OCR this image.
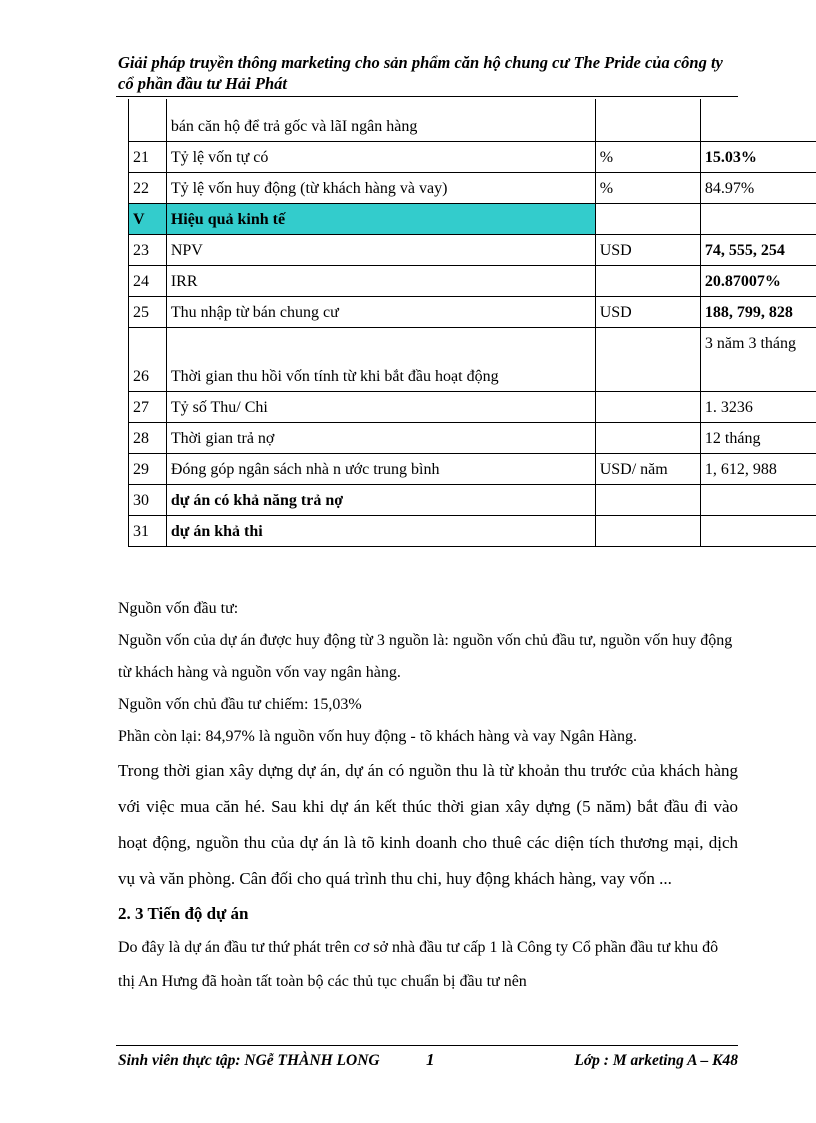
Giải pháp truyền thông marketing cho sản phẩm căn hộ chung cư The Pride của công ty cổ phần đầu tư Hải Phát
	bán căn hộ để trả gốc và lãI ngân hàng		
21	Tỷ lệ vốn tự có	%	15.03%
22	Tỷ lệ vốn huy động (từ khách hàng và vay)	%	84.97%
V	Hiệu quả kinh tế		
23	NPV	USD	74, 555, 254
24	IRR		20.87007%
25	Thu nhập từ bán chung cư	USD	188, 799, 828
26	Thời gian thu hồi vốn tính từ khi bắt đầu hoạt động		3 năm 3 tháng
27	Tỷ số Thu/ Chi		1. 3236
28	Thời gian trả nợ		12 tháng
29	Đóng góp ngân sách nhà n ước trung bình	USD/ năm	1, 612, 988
30	dự án có khả năng trả nợ		
31	dự án khả thi		

Nguồn vốn đầu tư:

Nguồn vốn của dự án được huy động từ 3 nguồn là: nguồn vốn chủ đầu tư, nguồn vốn huy động từ khách hàng và nguồn vốn vay ngân hàng.

Nguồn vốn chủ đầu tư chiếm: 15,03%

Phần còn lại: 84,97% là nguồn vốn huy động - tõ khách hàng và vay Ngân Hàng.

Trong thời gian xây dựng dự án, dự án có nguồn thu là từ khoản thu trước của khách hàng với việc mua căn hé. Sau khi dự án kết thúc thời gian xây dựng (5 năm) bắt đầu đi vào hoạt động, nguồn thu của dự án là tõ kinh doanh cho thuê các diện tích thương mại, dịch vụ và văn phòng. Cân đối cho quá trình thu chi, huy động khách hàng, vay vốn ...

2. 3 Tiến độ dự án

Do đây là dự án đầu tư thứ phát trên cơ sở nhà đầu tư cấp 1 là Công ty Cổ phần đầu tư khu đô thị An Hưng đã hoàn tất toàn bộ các thủ tục chuẩn bị đầu tư nên

Sinh viên thực tập: NGễ THÀNH LONG	1	Lớp : M arketing A – K48
